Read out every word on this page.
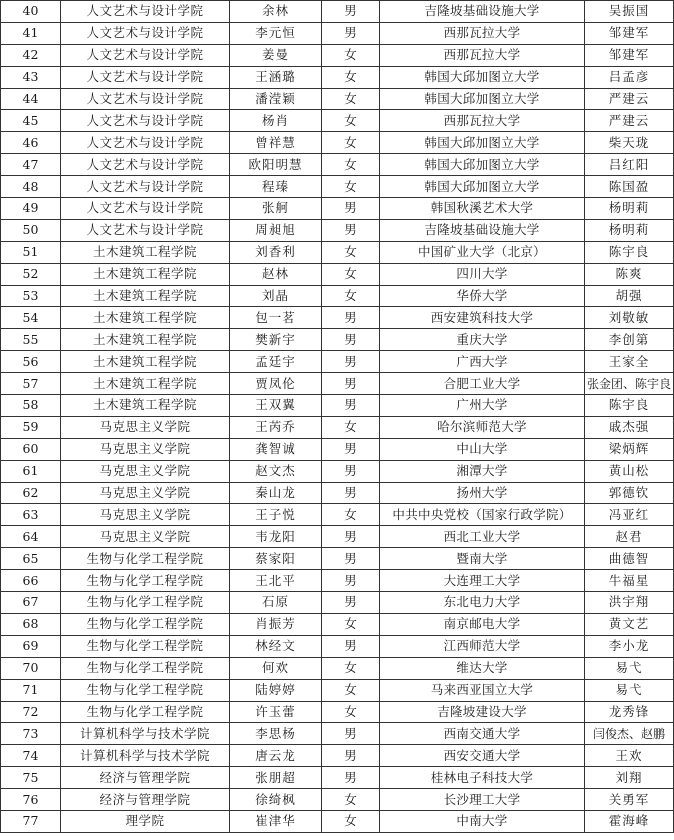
40	人文艺术与设计学院	余林	男	吉隆坡基础设施大学	吴振国
41	人文艺术与设计学院	李元恒	男	西那瓦拉大学	邹建军
42	人文艺术与设计学院	姜曼	女	西那瓦拉大学	邹建军
43	人文艺术与设计学院	王涵璐	女	韩国大邱加图立大学	吕孟彦
44	人文艺术与设计学院	潘滢颖	女	韩国大邱加图立大学	严建云
45	人文艺术与设计学院	杨肖	女	西那瓦拉大学	严建云
46	人文艺术与设计学院	曾祥慧	女	韩国大邱加图立大学	柴天珑
47	人文艺术与设计学院	欧阳明慧	女	韩国大邱加图立大学	吕红阳
48	人文艺术与设计学院	程瑧	女	韩国大邱加图立大学	陈国盈
49	人文艺术与设计学院	张舸	男	韩国秋溪艺术大学	杨明莉
50	人文艺术与设计学院	周昶旭	男	吉隆坡基础设施大学	杨明莉
51	土木建筑工程学院	刘香利	女	中国矿业大学（北京）	陈宇良
52	土木建筑工程学院	赵林	女	四川大学	陈爽
53	土木建筑工程学院	刘晶	女	华侨大学	胡强
54	土木建筑工程学院	包一茗	男	西安建筑科技大学	刘敬敏
55	土木建筑工程学院	樊新宇	男	重庆大学	李创第
56	土木建筑工程学院	孟廷宇	男	广西大学	王家全
57	土木建筑工程学院	贾凤伦	男	合肥工业大学	张金团、陈宇良
58	土木建筑工程学院	王双翼	男	广州大学	陈宇良
59	马克思主义学院	王芮乔	女	哈尔滨师范大学	戚杰强
60	马克思主义学院	龚智诚	男	中山大学	梁炳辉
61	马克思主义学院	赵文杰	男	湘潭大学	黄山松
62	马克思主义学院	秦山龙	男	扬州大学	郭德钦
63	马克思主义学院	王子悦	女	中共中央党校（国家行政学院）	冯亚红
64	马克思主义学院	韦龙阳	男	西北工业大学	赵君
65	生物与化学工程学院	蔡家阳	男	暨南大学	曲德智
66	生物与化学工程学院	王北平	男	大连理工大学	牛福星
67	生物与化学工程学院	石原	男	东北电力大学	洪宇翔
68	生物与化学工程学院	肖振芳	女	南京邮电大学	黄文艺
69	生物与化学工程学院	林经文	男	江西师范大学	李小龙
70	生物与化学工程学院	何欢	女	维达大学	易弋
71	生物与化学工程学院	陆婷婷	女	马来西亚国立大学	易弋
72	生物与化学工程学院	许玉蕾	女	吉隆坡建设大学	龙秀锋
73	计算机科学与技术学院	李思杨	男	西南交通大学	闫俊杰、赵鹏
74	计算机科学与技术学院	唐云龙	男	西安交通大学	王欢
75	经济与管理学院	张朋超	男	桂林电子科技大学	刘翔
76	经济与管理学院	徐绮枫	女	长沙理工大学	关勇军
77	理学院	崔津华	女	中南大学	霍海峰
